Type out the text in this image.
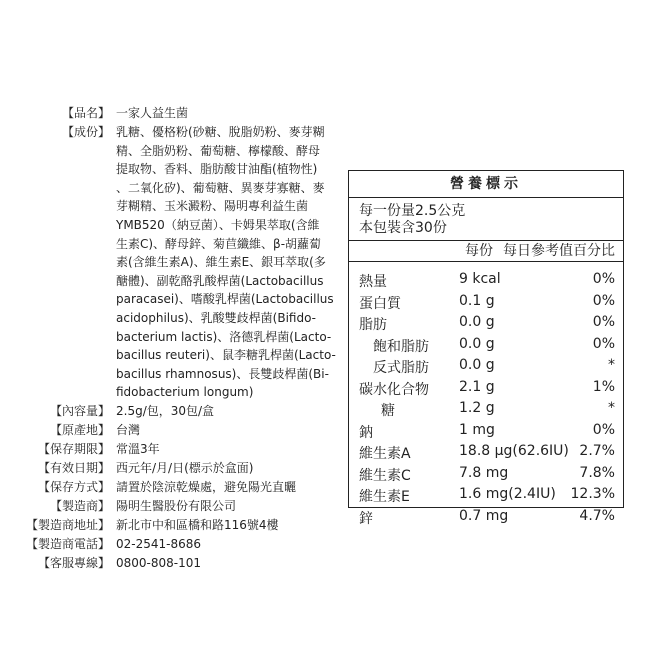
【品名】 一家人益生菌
【成份】 乳糖、優格粉(砂糖、脫脂奶粉、麥芽糊
精、全脂奶粉、葡萄糖、檸檬酸、酵母
提取物、香料、脂肪酸甘油酯(植物性)
、二氧化矽)、葡萄糖、異麥芽寡糖、麥
芽糊精、玉米澱粉、陽明專利益生菌
YMB520（納豆菌）、卡姆果萃取(含維
生素C)、酵母鋅、菊苣纖維、β-胡蘿蔔
素(含維生素A)、維生素E、銀耳萃取(多
醣體)、副乾酪乳酸桿菌(Lactobacillus
paracasei)、嗜酸乳桿菌(Lactobacillus
acidophilus)、乳酸雙歧桿菌(Bifido-
bacterium lactis)、洛德乳桿菌(Lacto-
bacillus reuteri)、鼠李糖乳桿菌(Lacto-
bacillus rhamnosus)、長雙歧桿菌(Bi-
fidobacterium longum)
【內容量】 2.5g/包，30包/盒
【原產地】 台灣
【保存期限】 常溫3年
【有效日期】 西元年/月/日(標示於盒面)
【保存方式】 請置於陰涼乾燥處，避免陽光直曬
【製造商】 陽明生醫股份有限公司
【製造商地址】 新北市中和區橋和路116號4樓
【製造商電話】 02-2541-8686
【客服專線】 0800-808-101
營養標示
每一份量2.5公克
本包裝含30份
每份 每日參考值百分比
熱量	9 kcal	0%
蛋白質	0.1 g	0%
脂肪	0.0 g	0%
飽和脂肪 0.0 g	0%
反式脂肪 0.0 g	*
碳水化合物 2.1 g	1%
糖	1.2 g	*
鈉	1 mg	0%
維生素A	18.8 μg(62.6IU) 2.7%
維生素C	7.8 mg	7.8%
維生素E	1.6 mg(2.4IU) 12.3%
鋅	0.7 mg	4.7%
